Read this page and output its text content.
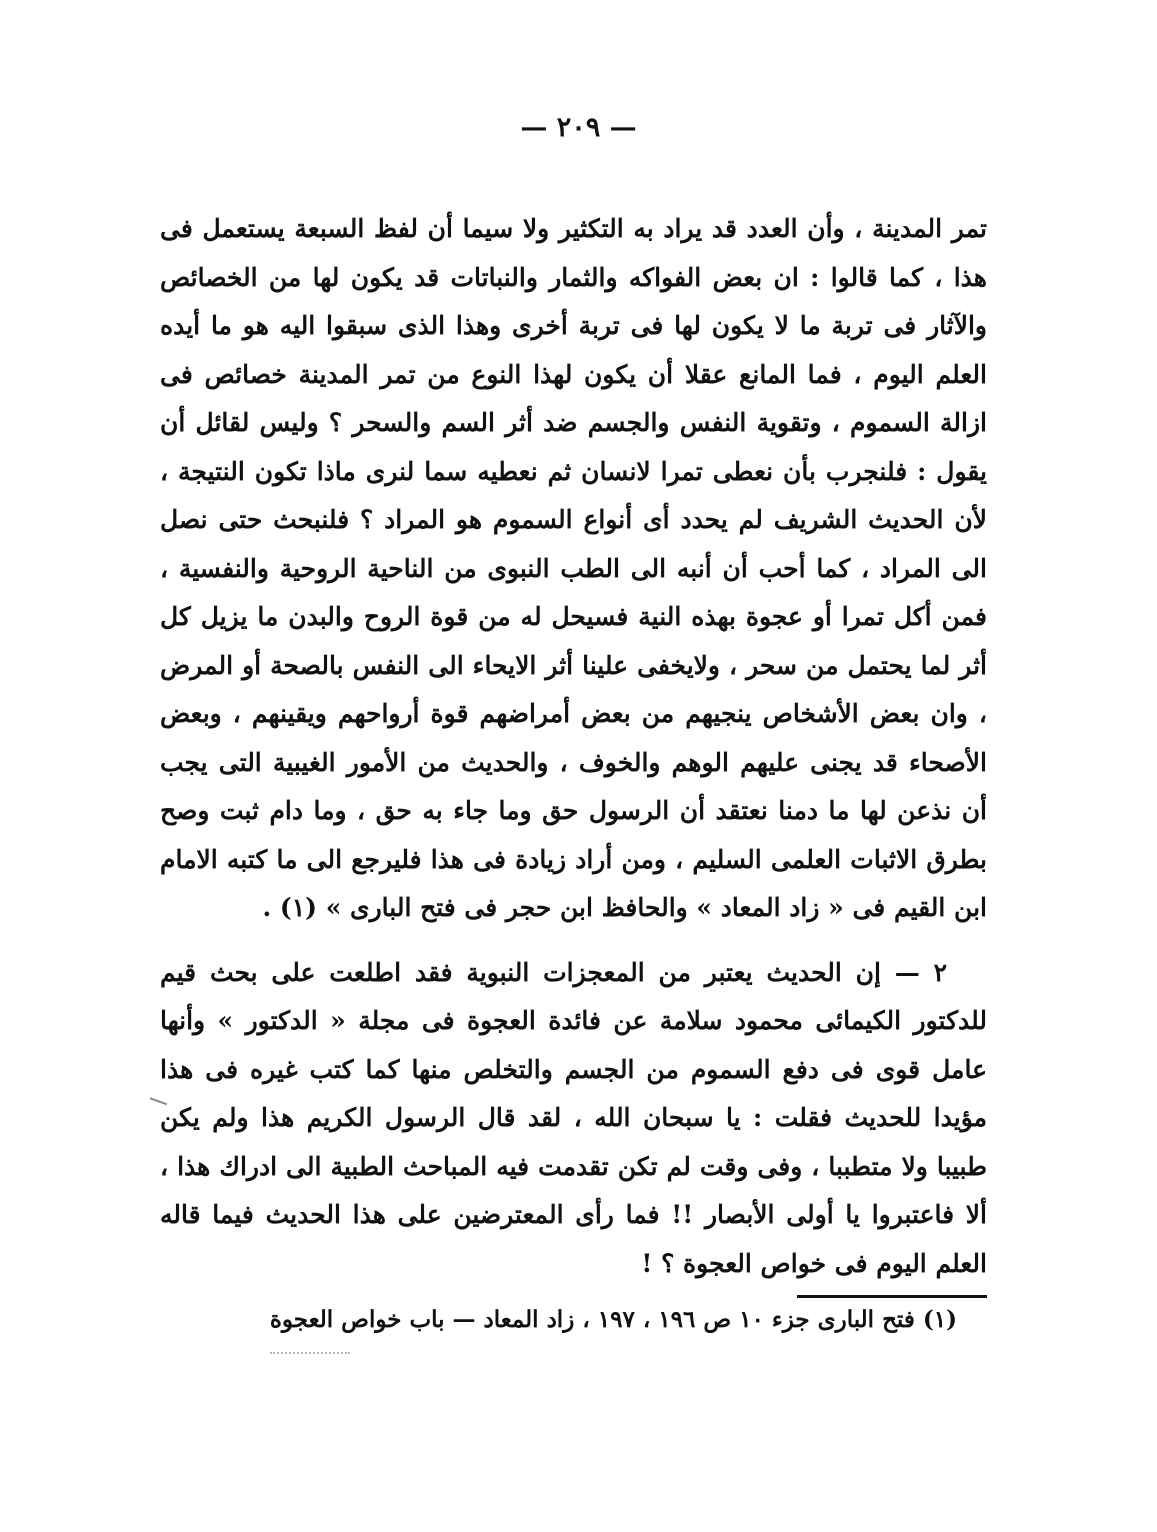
— ٢٠٩ —

تمر المدينة ، وأن العدد قد يراد به التكثير ولا سيما أن لفظ السبعة يستعمل فى هذا ، كما قالوا : ان بعض الفواكه والثمار والنباتات قد يكون لها من الخصائص والآثار فى تربة ما لا يكون لها فى تربة أخرى وهذا الذى سبقوا اليه هو ما أيده العلم اليوم ، فما المانع عقلا أن يكون لهذا النوع من تمر المدينة خصائص فى ازالة السموم ، وتقوية النفس والجسم ضد أثر السم والسحر ؟ وليس لقائل أن يقول : فلنجرب بأن نعطى تمرا لانسان ثم نعطيه سما لنرى ماذا تكون النتيجة ، لأن الحديث الشريف لم يحدد أى أنواع السموم هو المراد ؟ فلنبحث حتى نصل الى المراد ، كما أحب أن أنبه الى الطب النبوى من الناحية الروحية والنفسية ، فمن أكل تمرا أو عجوة بهذه النية فسيحل له من قوة الروح والبدن ما يزيل كل أثر لما يحتمل من سحر ، ولايخفى علينا أثر الايحاء الى النفس بالصحة أو المرض ، وان بعض الأشخاص ينجيهم من بعض أمراضهم قوة أرواحهم ويقينهم ، وبعض الأصحاء قد يجنى عليهم الوهم والخوف ، والحديث من الأمور الغيبية التى يجب أن نذعن لها ما دمنا نعتقد أن الرسول حق وما جاء به حق ، وما دام ثبت وصح بطرق الاثبات العلمى السليم ، ومن أراد زيادة فى هذا فليرجع الى ما كتبه الامام ابن القيم فى « زاد المعاد » والحافظ ابن حجر فى فتح البارى » (١) .

٢ — إن الحديث يعتبر من المعجزات النبوية فقد اطلعت على بحث قيم للدكتور الكيمائى محمود سلامة عن فائدة العجوة فى مجلة « الدكتور » وأنها عامل قوى فى دفع السموم من الجسم والتخلص منها كما كتب غيره فى هذا مؤيدا للحديث فقلت : يا سبحان الله ، لقد قال الرسول الكريم هذا ولم يكن طبيبا ولا متطببا ، وفى وقت لم تكن تقدمت فيه المباحث الطبية الى ادراك هذا ، ألا فاعتبروا يا أولى الأبصار !! فما رأى المعترضين على هذا الحديث فيما قاله العلم اليوم فى خواص العجوة ؟ !

(١) فتح البارى جزء ١٠ ص ١٩٦ ، ١٩٧ ، زاد المعاد — باب خواص العجوة
